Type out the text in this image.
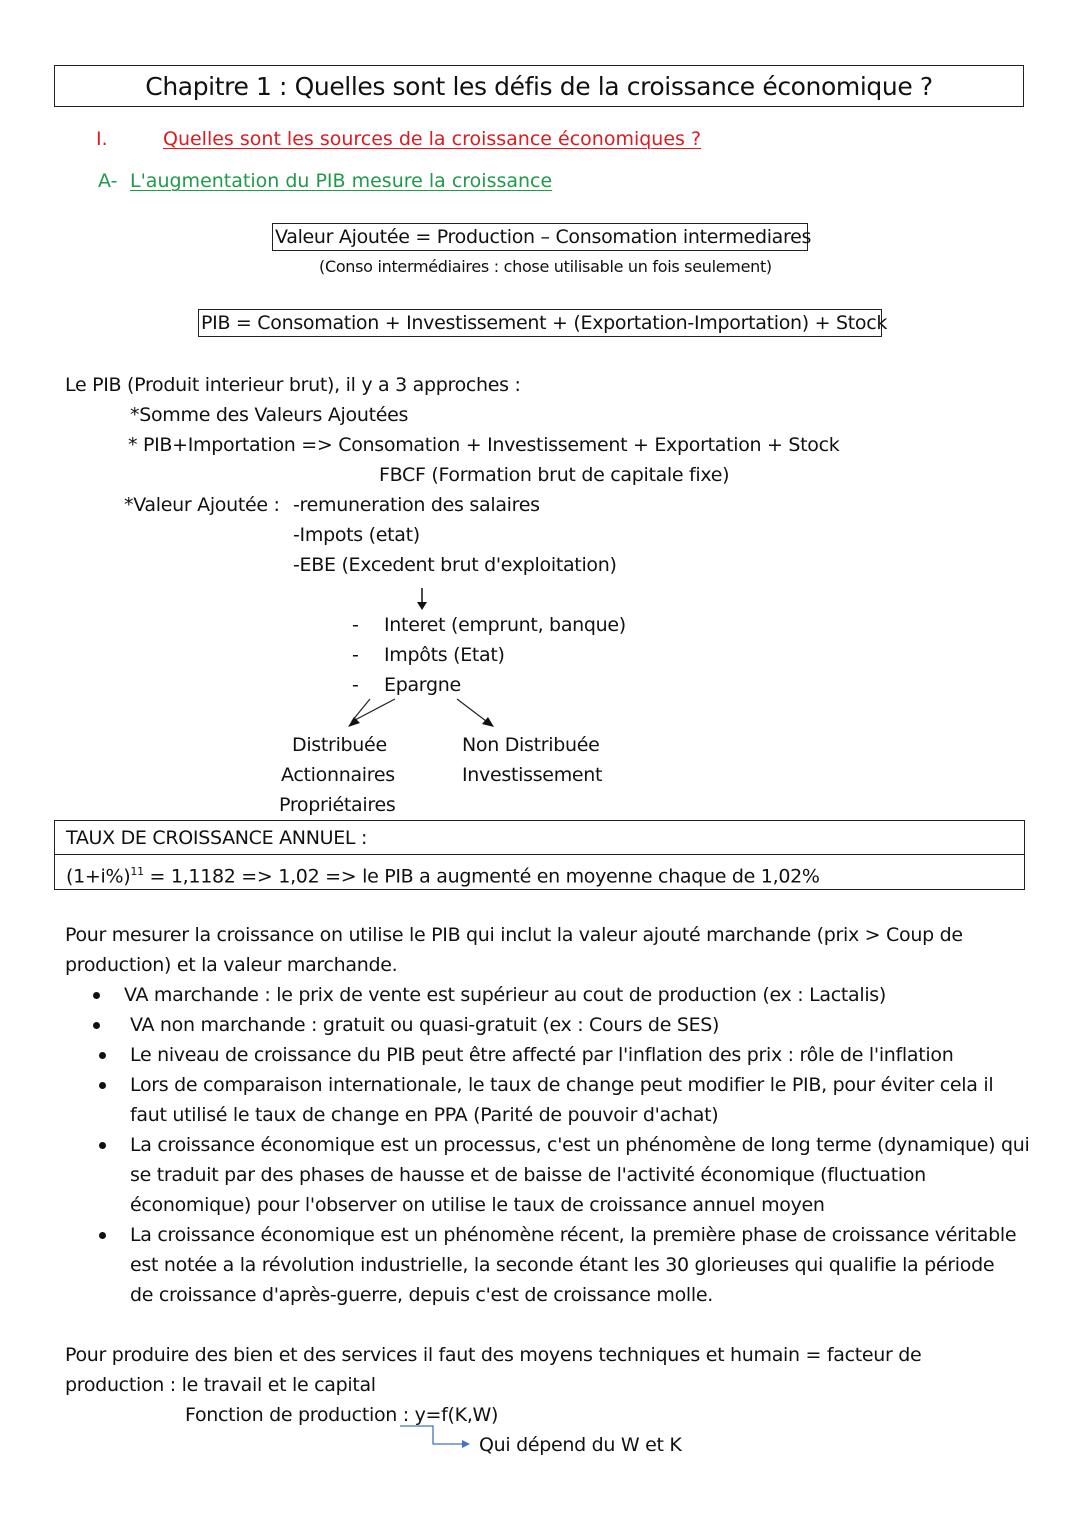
Chapitre 1 : Quelles sont les défis de la croissance économique ?
I.	Quelles sont les sources de la croissance économiques ?
A- L'augmentation du PIB mesure la croissance
Valeur Ajoutée = Production – Consomation intermediares
(Conso intermédiaires : chose utilisable un fois seulement)
PIB = Consomation + Investissement + (Exportation-Importation) + Stock
Le PIB (Produit interieur brut), il y a 3 approches :
*Somme des Valeurs Ajoutées
* PIB+Importation => Consomation + Investissement + Exportation + Stock
FBCF (Formation brut de capitale fixe)
*Valeur Ajoutée : -remuneration des salaires
-Impots (etat)
-EBE (Excedent brut d'exploitation)
- Interet (emprunt, banque)
- Impôts (Etat)
- Epargne
Distribuée
Actionnaires
Propriétaires
Non Distribuée
Investissement
TAUX DE CROISSANCE ANNUEL :
$(1+i\%)^{11} = 1,1182 => 1,02$ => le PIB a augmenté en moyenne chaque de 1,02%
Pour mesurer la croissance on utilise le PIB qui inclut la valeur ajouté marchande (prix > Coup de
production) et la valeur marchande.
VA marchande : le prix de vente est supérieur au cout de production (ex : Lactalis)
VA non marchande : gratuit ou quasi-gratuit (ex : Cours de SES)
Le niveau de croissance du PIB peut être affecté par l'inflation des prix : rôle de l'inflation
Lors de comparaison internationale, le taux de change peut modifier le PIB, pour éviter cela il
faut utilisé le taux de change en PPA (Parité de pouvoir d'achat)
La croissance économique est un processus, c'est un phénomène de long terme (dynamique) qui
se traduit par des phases de hausse et de baisse de l'activité économique (fluctuation
économique) pour l'observer on utilise le taux de croissance annuel moyen
La croissance économique est un phénomène récent, la première phase de croissance véritable
est notée a la révolution industrielle, la seconde étant les 30 glorieuses qui qualifie la période
de croissance d'après-guerre, depuis c'est de croissance molle.
Pour produire des bien et des services il faut des moyens techniques et humain = facteur de
production : le travail et le capital
Fonction de production : y=f(K,W)
Qui dépend du W et K
